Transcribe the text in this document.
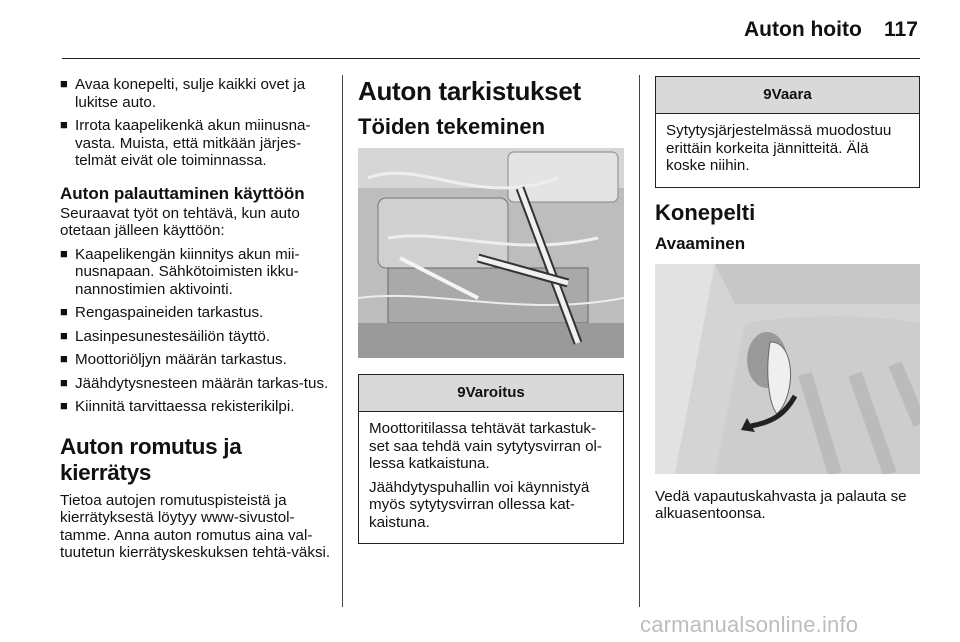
Auton hoito 117
■ Avaa konepelti, sulje kaikki ovet ja lukitse auto.
■ Irrota kaapelikenkä akun miinusna-vasta. Muista, että mitkään järjes-telmät eivät ole toiminnassa.
Auton palauttaminen käyttöön

Seuraavat työt on tehtävä, kun auto otetaan jälleen käyttöön:

■ Kaapelikengän kiinnitys akun mii-nusnapaan. Sähkötoimisten ikku-nannostimien aktivointi.
■ Rengaspaineiden tarkastus.
■ Lasinpesunestesäiliön täyttö.
■ Moottoriöljyn määrän tarkastus.
■ Jäähdytysnesteen määrän tarkas-tus.
■ Kiinnitä tarvittaessa rekisterikilpi.
Auton romutus ja kierrätys

Tietoa autojen romutuspisteistä ja kierrätyksestä löytyy www-sivustol-tamme. Anna auton romutus aina val-tuutetun kierrätyskeskuksen tehtä-väksi.

Auton tarkistukset
Töiden tekeminen
9Varoitus

Moottoritilassa tehtävät tarkastuk-set saa tehdä vain sytytysvirran ol-lessa katkaistuna.

Jäähdytyspuhallin voi käynnistyä myös sytytysvirran ollessa kat-kaistuna.

9Vaara

Sytytysjärjestelmässä muodostuu erittäin korkeita jännitteitä. Älä koske niihin.

Konepelti
Avaaminen

Vedä vapautuskahvasta ja palauta se alkuasentoonsa.

carmanualsonline.info
